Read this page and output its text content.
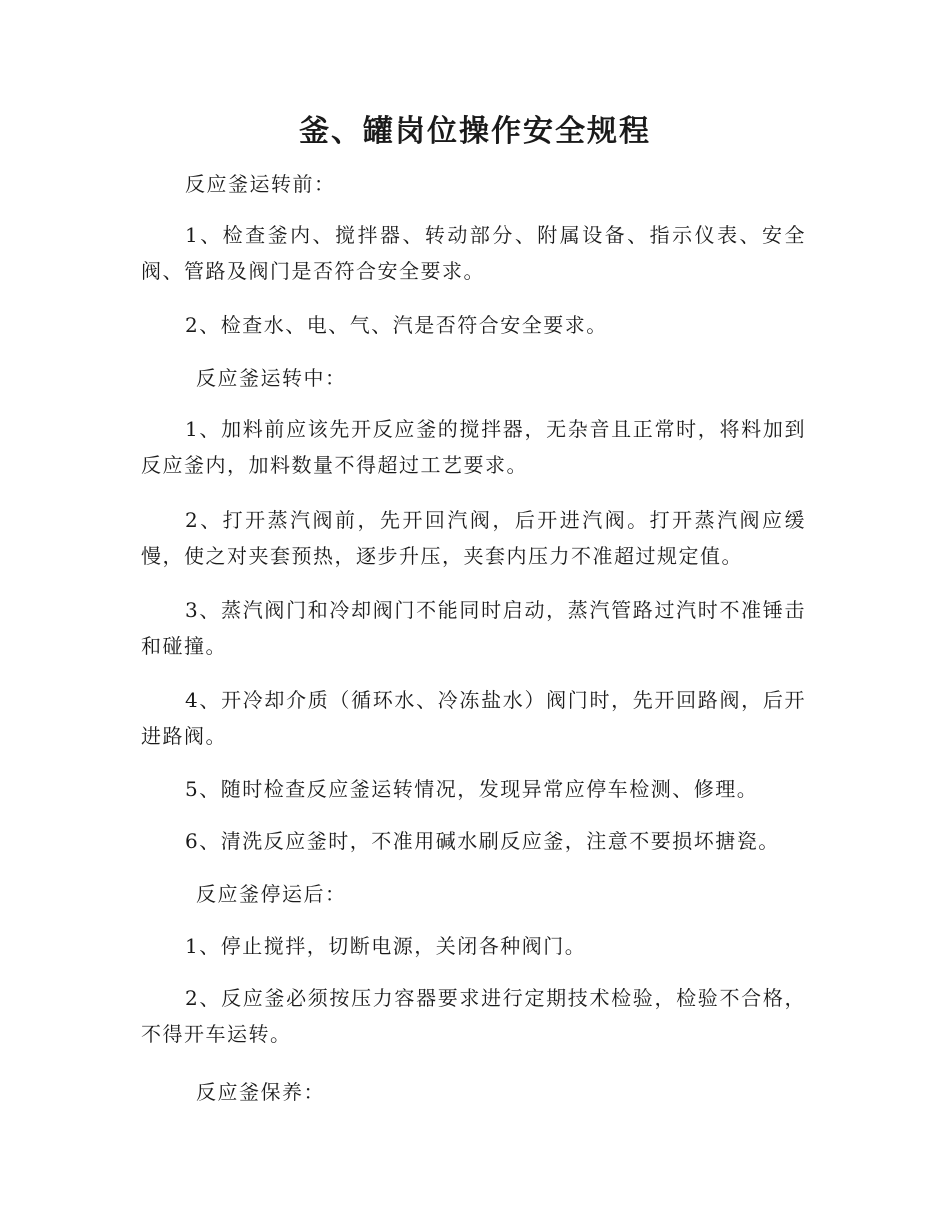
釜、罐岗位操作安全规程

反应釜运转前：

1、检查釜内、搅拌器、转动部分、附属设备、指示仪表、安全阀、管路及阀门是否符合安全要求。

2、检查水、电、气、汽是否符合安全要求。

反应釜运转中：

1、加料前应该先开反应釜的搅拌器，无杂音且正常时，将料加到反应釜内，加料数量不得超过工艺要求。

2、打开蒸汽阀前，先开回汽阀，后开进汽阀。打开蒸汽阀应缓慢，使之对夹套预热，逐步升压，夹套内压力不准超过规定值。

3、蒸汽阀门和冷却阀门不能同时启动，蒸汽管路过汽时不准锤击和碰撞。

4、开冷却介质（循环水、冷冻盐水）阀门时，先开回路阀，后开进路阀。

5、随时检查反应釜运转情况，发现异常应停车检测、修理。

6、清洗反应釜时，不准用碱水刷反应釜，注意不要损坏搪瓷。

反应釜停运后：

1、停止搅拌，切断电源，关闭各种阀门。

2、反应釜必须按压力容器要求进行定期技术检验，检验不合格，不得开车运转。

反应釜保养：
